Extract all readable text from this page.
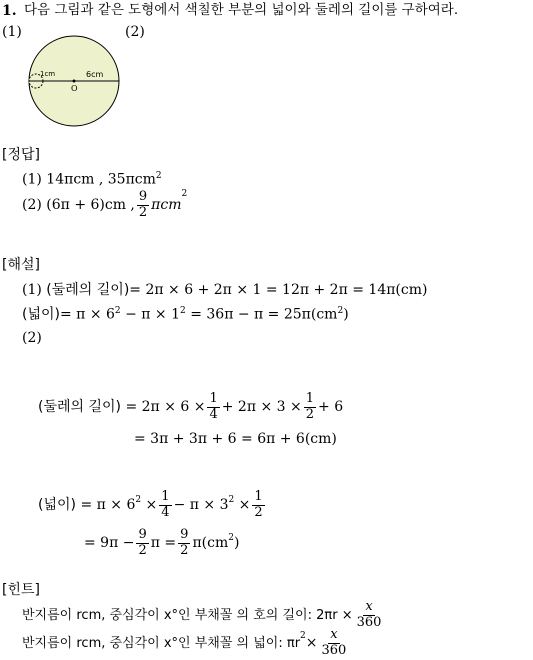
1. 다음 그림과 같은 도형에서 색칠한 부분의 넓이와 둘레의 길이를 구하여라.
(1)	(2)
1cm	6cm
O
[정답]
(1) 14πcm , 35πcm$^2$
(2)
(6π + 6)cm , $\frac{9}{2}$ πcm
$^2$
[해설]
(1) (둘레의 길이)= 2π × 6 + 2π × 1 = 12π + 2π = 14π(cm)
(넓이)= $\pi \times 6^2 - \pi \times 1^2 = 36\pi - \pi = 25\pi(cm^2)$
(2)
(둘레의 길이)
= $2\pi \times 6 \times \frac{1}{4} + 2\pi \times 3 \times \frac{1}{2} + 6$
= 3π + 3π + 6 = 6π + 6(cm)
(넓이)
= $\pi \times 6^2$
× $\frac{1}{4} - \pi \times 3^2$
× $\frac{1}{2}$
= $9\pi - \frac{9}{2}$ $\pi = \frac{9}{2} \pi(cm^2$ )
[힌트]
반지름이 rcm, 중심각이 x°인 부채꼴 의 호의 길이: $2\pi r \times \frac{x}{360}$
반지름이 rcm, 중심각이 x°인 부채꼴 의 넓이: $\pi r^2 \times \frac{x}{360}$
